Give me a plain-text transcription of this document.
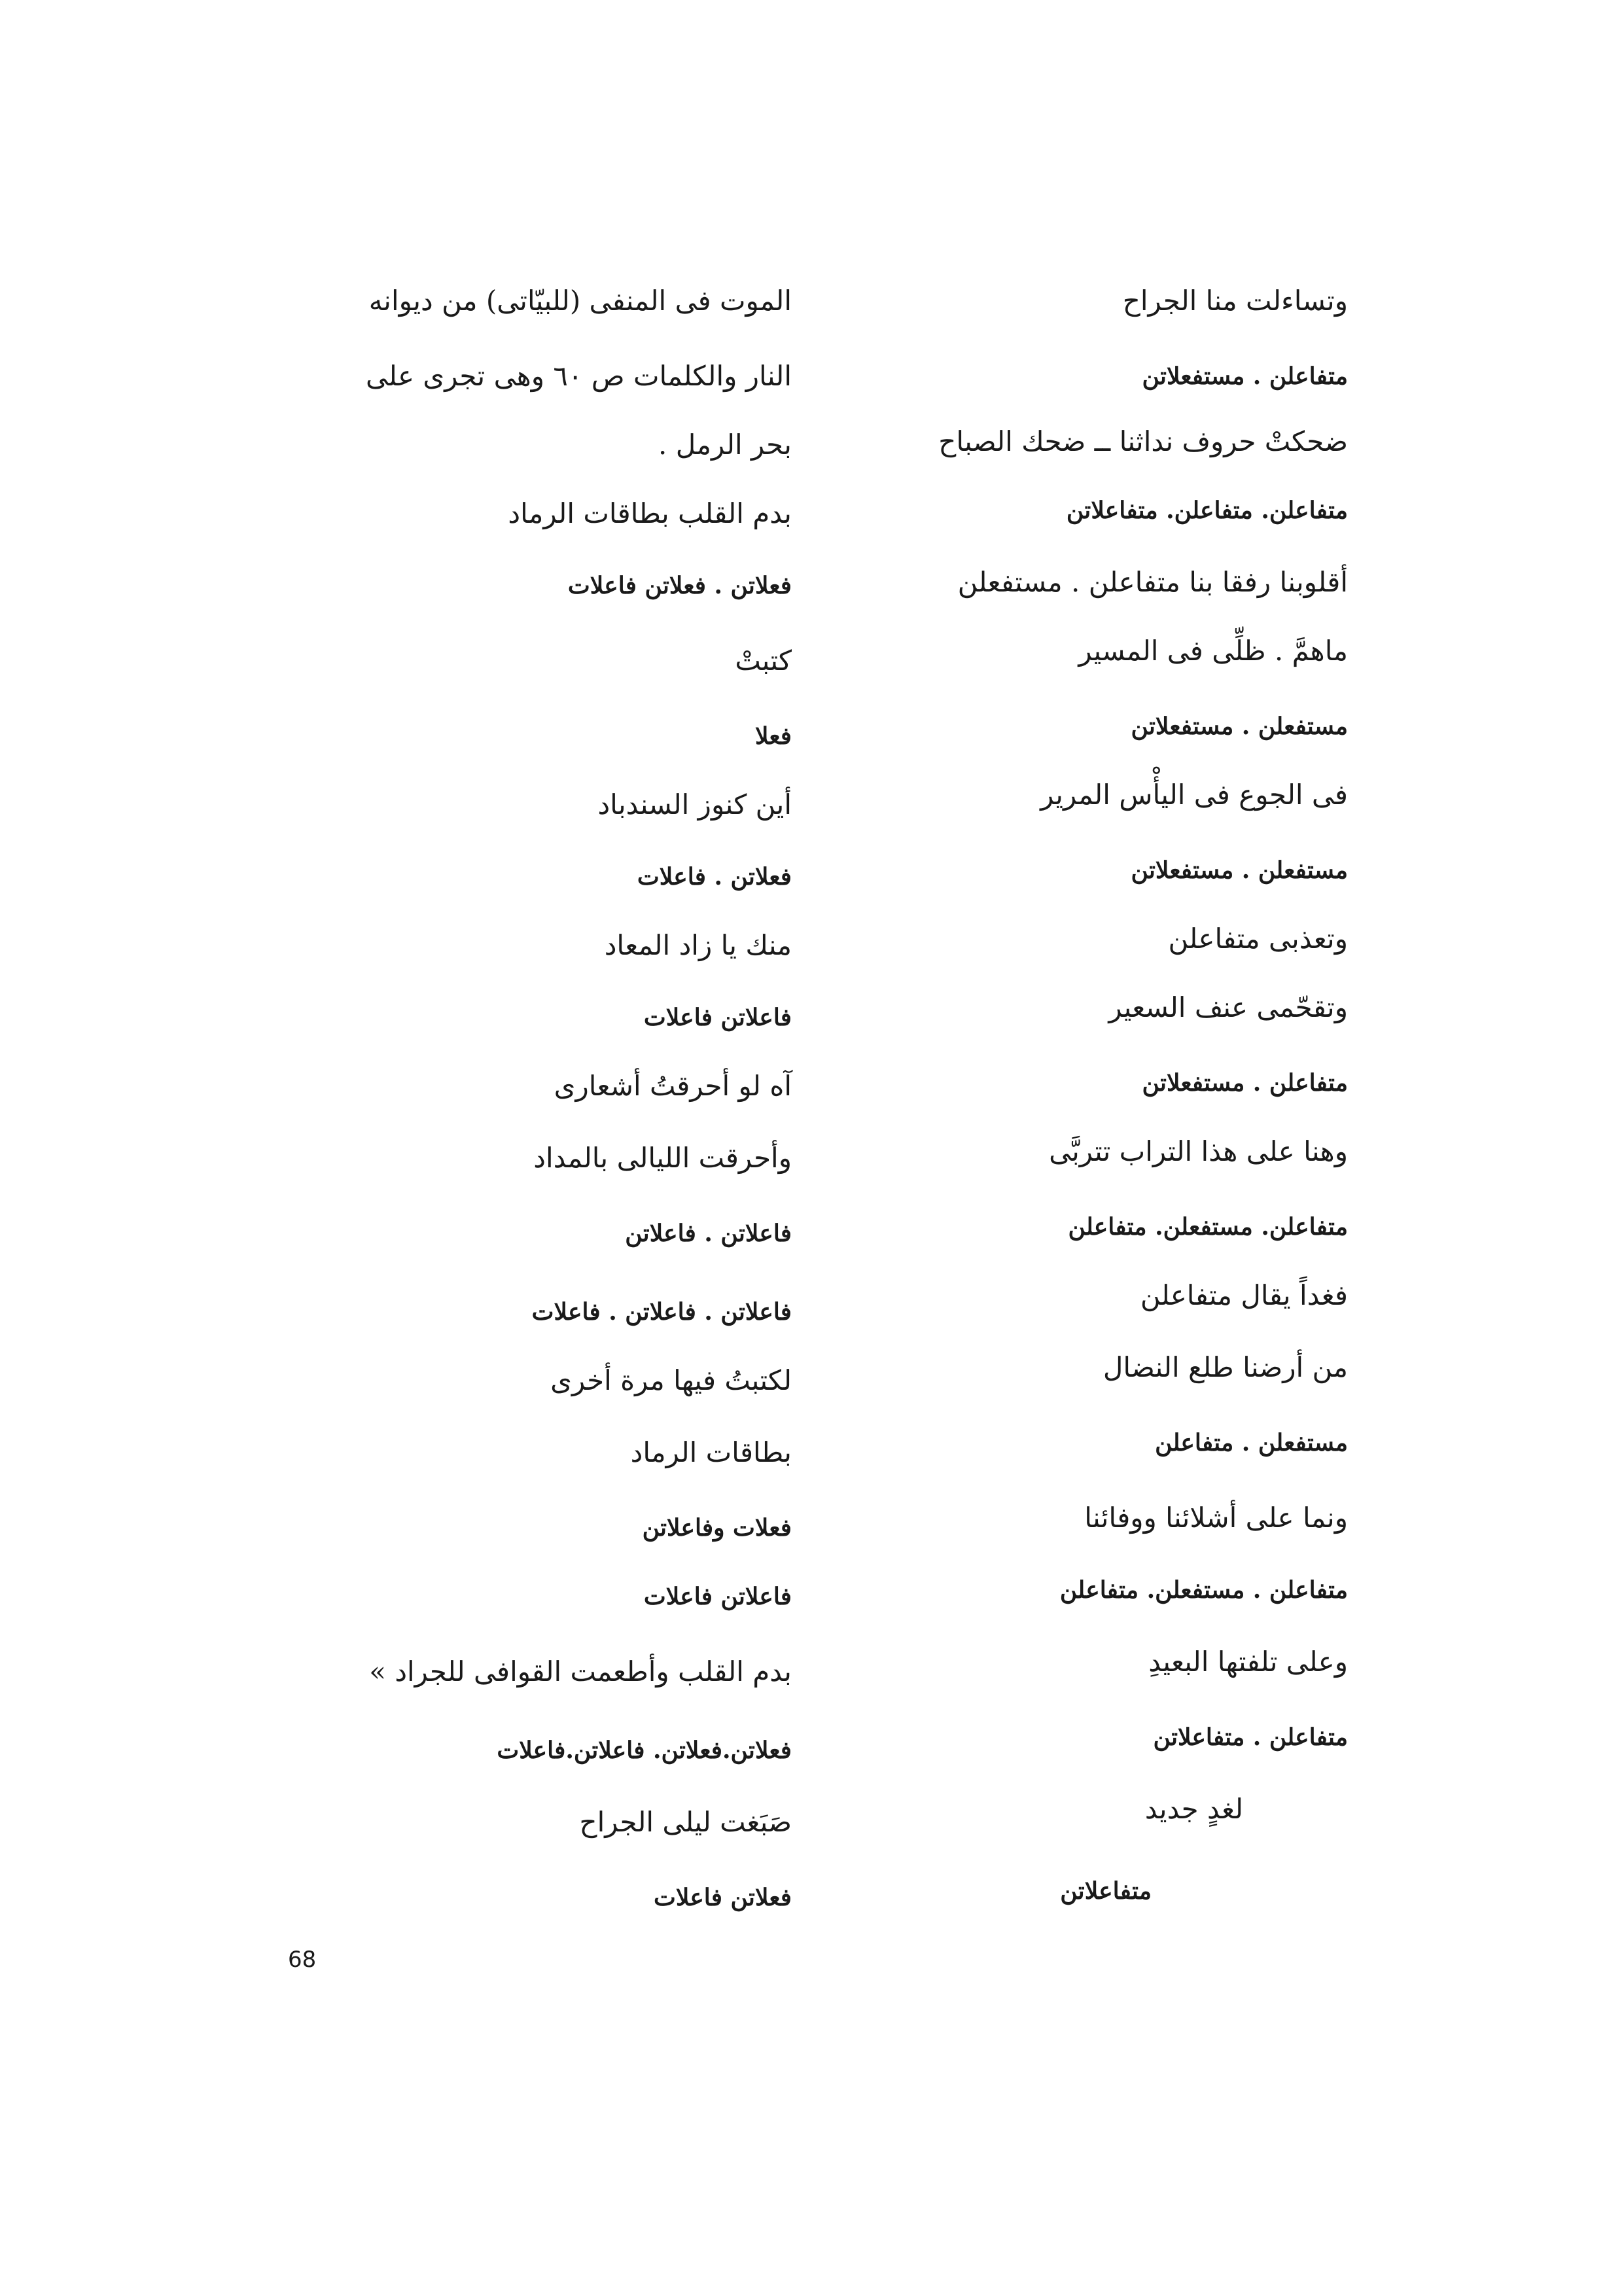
وتساءلت منا الجراح
متفاعلن . مستفعلاتن
ضحكتْ حروف نداثنا ــ ضحك الصباح
متفاعلن. متفاعلن. متفاعلاتن
أقلوبنا رفقا بنا متفاعلن . مستفعلن
ماهمَّ . ظلِّى فى المسير
مستفعلن . مستفعلاتن
فى الجوع فى اليأْس المرير
مستفعلن . مستفعلاتن
وتعذبى متفاعلن
وتقحّمى عنف السعير
متفاعلن . مستفعلاتن
وهنا على هذا التراب تتربَّى
متفاعلن. مستفعلن. متفاعلن
فغداً يقال متفاعلن
من أرضنا طلع النضال
مستفعلن . متفاعلن
ونما على أشلائنا ووفائنا
متفاعلن . مستفعلن. متفاعلن
وعلى تلفتها البعيدِ
متفاعلن . متفاعلاتن
لغدٍ جديد
متفاعلاتن
الموت فى المنفى (للبيّاتى) من ديوانه
النار والكلمات ص ٦٠ وهى تجرى على
بحر الرمل .
بدم القلب بطاقات الرماد
فعلاتن . فعلاتن فاعلات
كتبتْ
فعلا
أين كنوز السندباد
فعلاتن . فاعلات
منك يا زاد المعاد
فاعلاتن فاعلات
آه لو أحرقتُ أشعارى
وأحرقت الليالى بالمداد
فاعلاتن . فاعلاتن
فاعلاتن . فاعلاتن . فاعلات
لكتبتُ فيها مرة أخرى
بطاقات الرماد
فعلات وفاعلاتن
فاعلاتن فاعلات
بدم القلب وأطعمت القوافى للجراد »
فعلاتن.فعلاتن. فاعلاتن.فاعلات
صَبَغت ليلى الجراح
فعلاتن فاعلات
68
